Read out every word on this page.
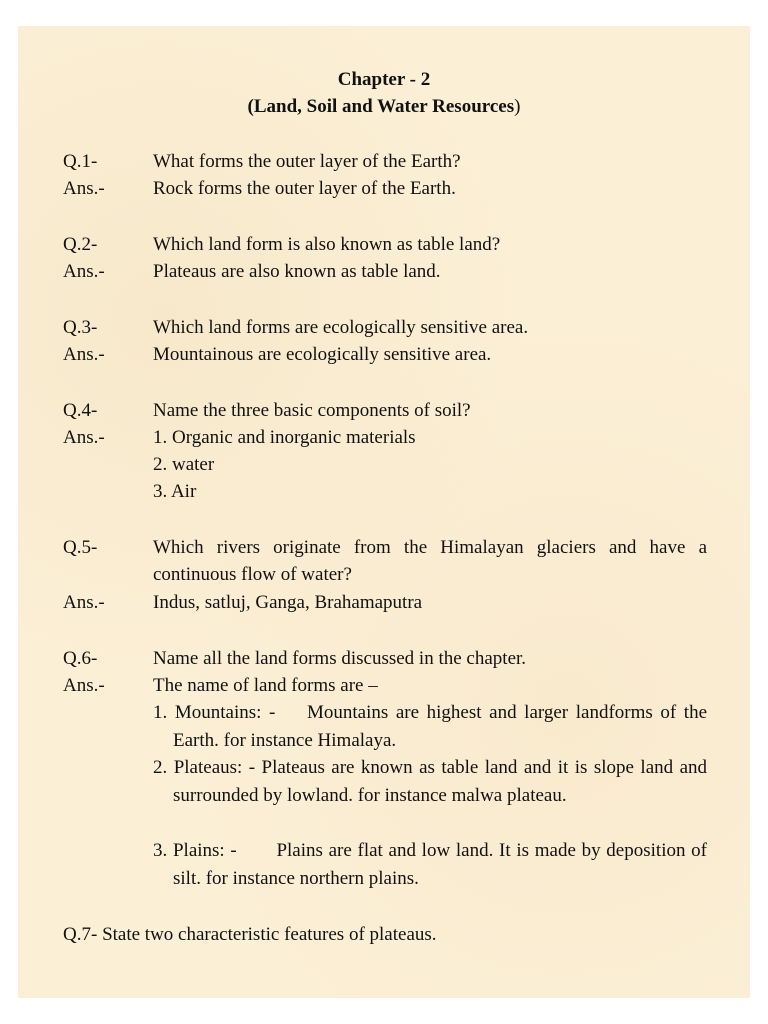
Chapter - 2
(Land, Soil and Water Resources)
Q.1-	What forms the outer layer of the Earth?
Ans.-	Rock forms the outer layer of the Earth.
Q.2-	Which land form is also known as table land?
Ans.-	Plateaus are also known as table land.
Q.3-	Which land forms are ecologically sensitive area.
Ans.-	Mountainous are ecologically sensitive area.
Q.4-	Name the three basic components of soil?
Ans.-	1. Organic and inorganic materials
2. water
3. Air
Q.5-	Which rivers originate from the Himalayan glaciers and have a continuous flow of water?
Ans.-	Indus, satluj, Ganga, Brahamaputra
Q.6-	Name all the land forms discussed in the chapter.
Ans.-	The name of land forms are –
1. Mountains: - Mountains are highest and larger landforms of the Earth. for instance Himalaya.
2. Plateaus: - Plateaus are known as table land and it is slope land and surrounded by lowland. for instance malwa plateau.
3. Plains: - Plains are flat and low land. It is made by deposition of silt. for instance northern plains.
Q.7- State two characteristic features of plateaus.
